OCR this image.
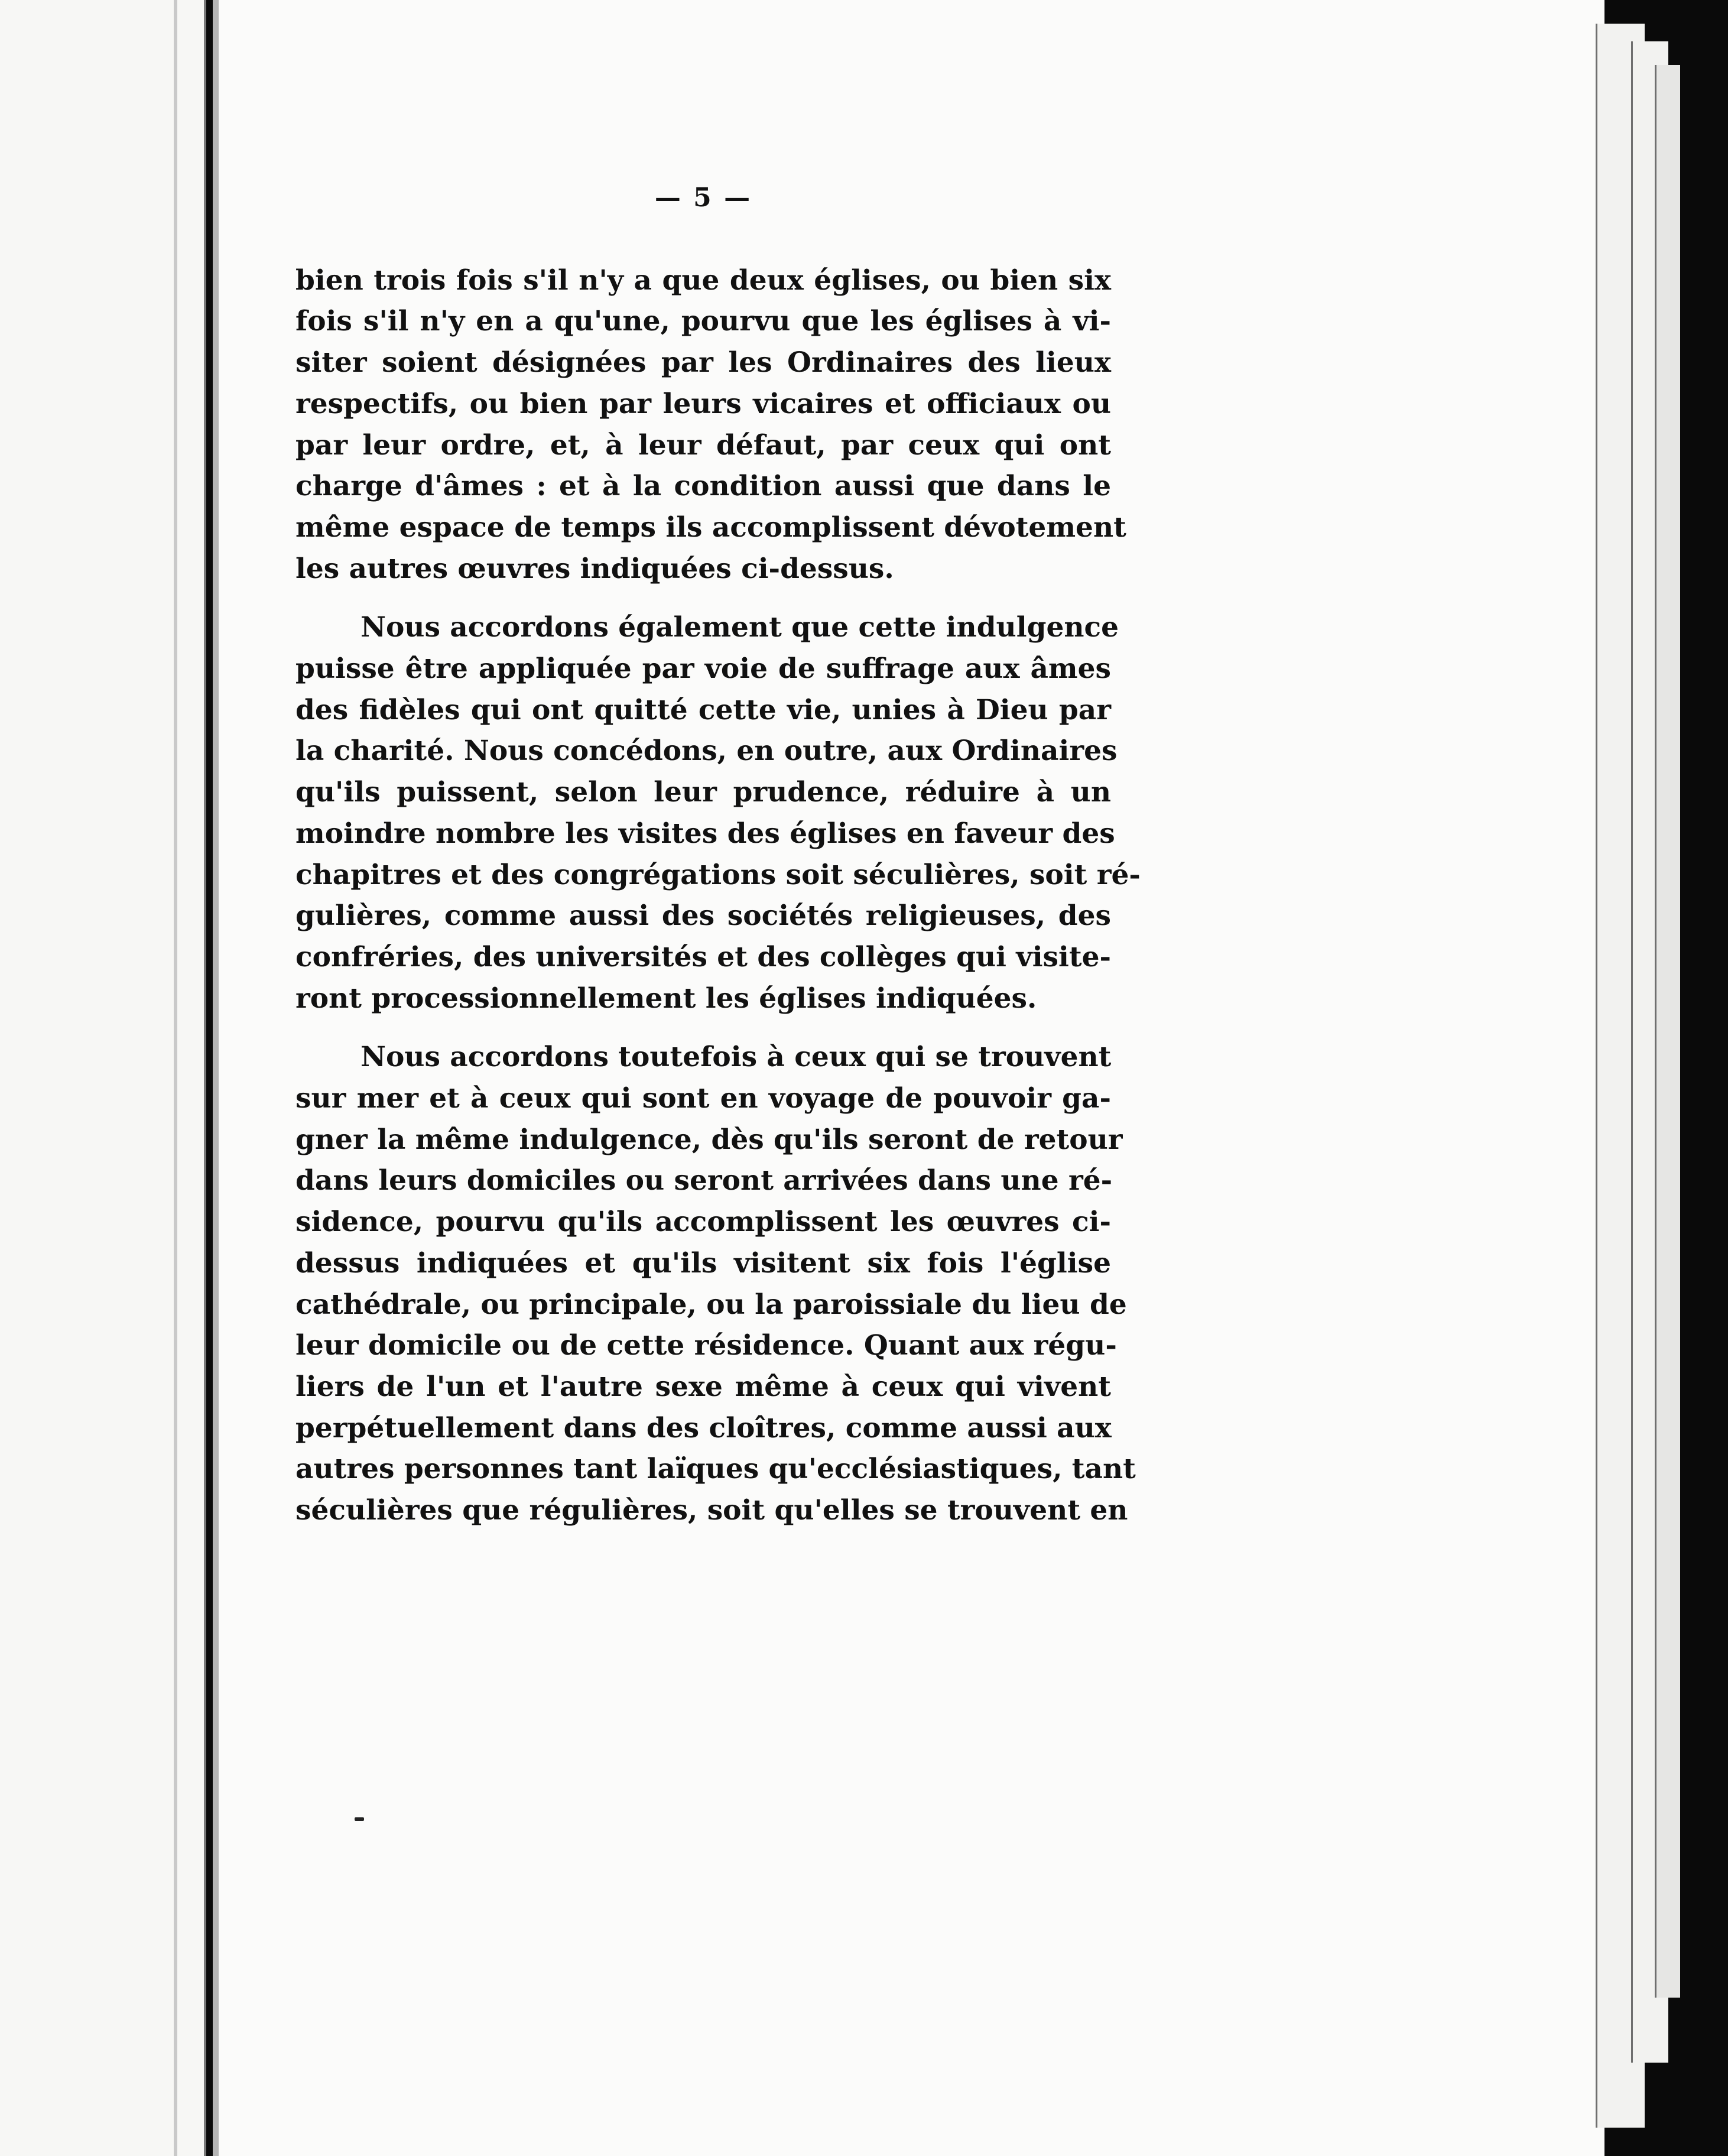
— 5 —
bien trois fois s'il n'y a que deux églises, ou bien six
fois s'il n'y en a qu'une, pourvu que les églises à vi-
siter soient désignées par les Ordinaires des lieux
respectifs, ou bien par leurs vicaires et officiaux ou
par leur ordre, et, à leur défaut, par ceux qui ont
charge d'âmes : et à la condition aussi que dans le
même espace de temps ils accomplissent dévotement
les autres œuvres indiquées ci-dessus.
Nous accordons également que cette indulgence
puisse être appliquée par voie de suffrage aux âmes
des fidèles qui ont quitté cette vie, unies à Dieu par
la charité. Nous concédons, en outre, aux Ordinaires
qu'ils puissent, selon leur prudence, réduire à un
moindre nombre les visites des églises en faveur des
chapitres et des congrégations soit séculières, soit ré-
gulières, comme aussi des sociétés religieuses, des
confréries, des universités et des collèges qui visite-
ront processionnellement les églises indiquées.
Nous accordons toutefois à ceux qui se trouvent
sur mer et à ceux qui sont en voyage de pouvoir ga-
gner la même indulgence, dès qu'ils seront de retour
dans leurs domiciles ou seront arrivées dans une ré-
sidence, pourvu qu'ils accomplissent les œuvres ci-
dessus indiquées et qu'ils visitent six fois l'église
cathédrale, ou principale, ou la paroissiale du lieu de
leur domicile ou de cette résidence. Quant aux régu-
liers de l'un et l'autre sexe même à ceux qui vivent
perpétuellement dans des cloîtres, comme aussi aux
autres personnes tant laïques qu'ecclésiastiques, tant
séculières que régulières, soit qu'elles se trouvent en
